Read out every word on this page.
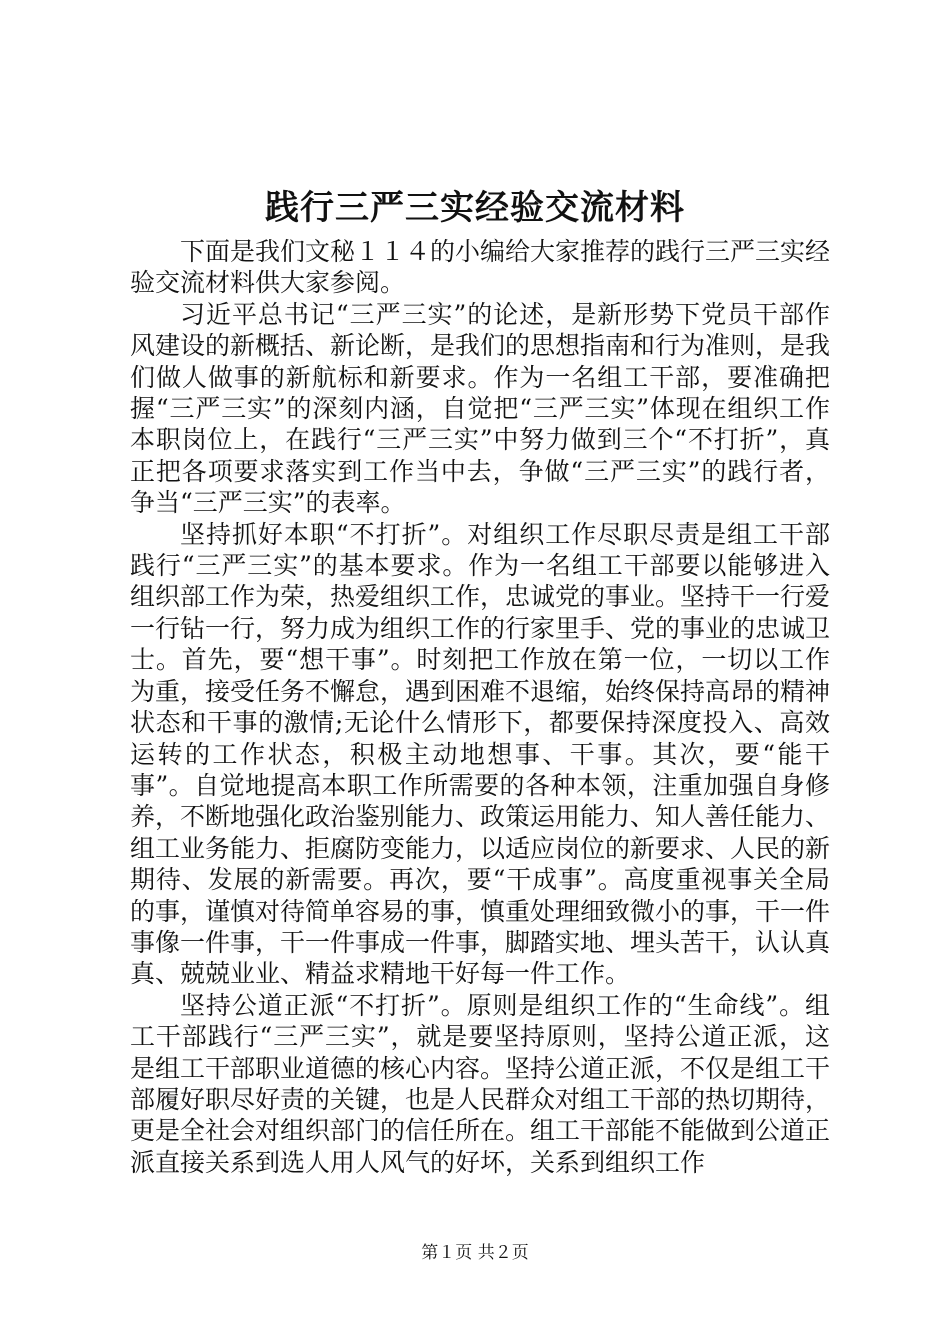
践行三严三实经验交流材料

下面是我们文秘１１４的小编给大家推荐的践行三严三实经验交流材料供大家参阅。

习近平总书记“三严三实”的论述，是新形势下党员干部作风建设的新概括、新论断，是我们的思想指南和行为准则，是我们做人做事的新航标和新要求。作为一名组工干部，要准确把握“三严三实”的深刻内涵，自觉把“三严三实”体现在组织工作本职岗位上，在践行“三严三实”中努力做到三个“不打折”，真正把各项要求落实到工作当中去，争做“三严三实”的践行者，争当“三严三实”的表率。

坚持抓好本职“不打折”。对组织工作尽职尽责是组工干部践行“三严三实”的基本要求。作为一名组工干部要以能够进入组织部工作为荣，热爱组织工作，忠诚党的事业。坚持干一行爱一行钻一行，努力成为组织工作的行家里手、党的事业的忠诚卫士。首先，要“想干事”。时刻把工作放在第一位，一切以工作为重，接受任务不懈怠，遇到困难不退缩，始终保持高昂的精神状态和干事的激情;无论什么情形下，都要保持深度投入、高效运转的工作状态，积极主动地想事、干事。其次，要“能干事”。自觉地提高本职工作所需要的各种本领，注重加强自身修养，不断地强化政治鉴别能力、政策运用能力、知人善任能力、组工业务能力、拒腐防变能力，以适应岗位的新要求、人民的新期待、发展的新需要。再次，要“干成事”。高度重视事关全局的事，谨慎对待简单容易的事，慎重处理细致微小的事，干一件事像一件事，干一件事成一件事，脚踏实地、埋头苦干，认认真真、兢兢业业、精益求精地干好每一件工作。

坚持公道正派“不打折”。原则是组织工作的“生命线”。组工干部践行“三严三实”，就是要坚持原则，坚持公道正派，这是组工干部职业道德的核心内容。坚持公道正派，不仅是组工干部履好职尽好责的关键，也是人民群众对组工干部的热切期待，更是全社会对组织部门的信任所在。组工干部能不能做到公道正派直接关系到选人用人风气的好坏，关系到组织工作

第１页 共２页
